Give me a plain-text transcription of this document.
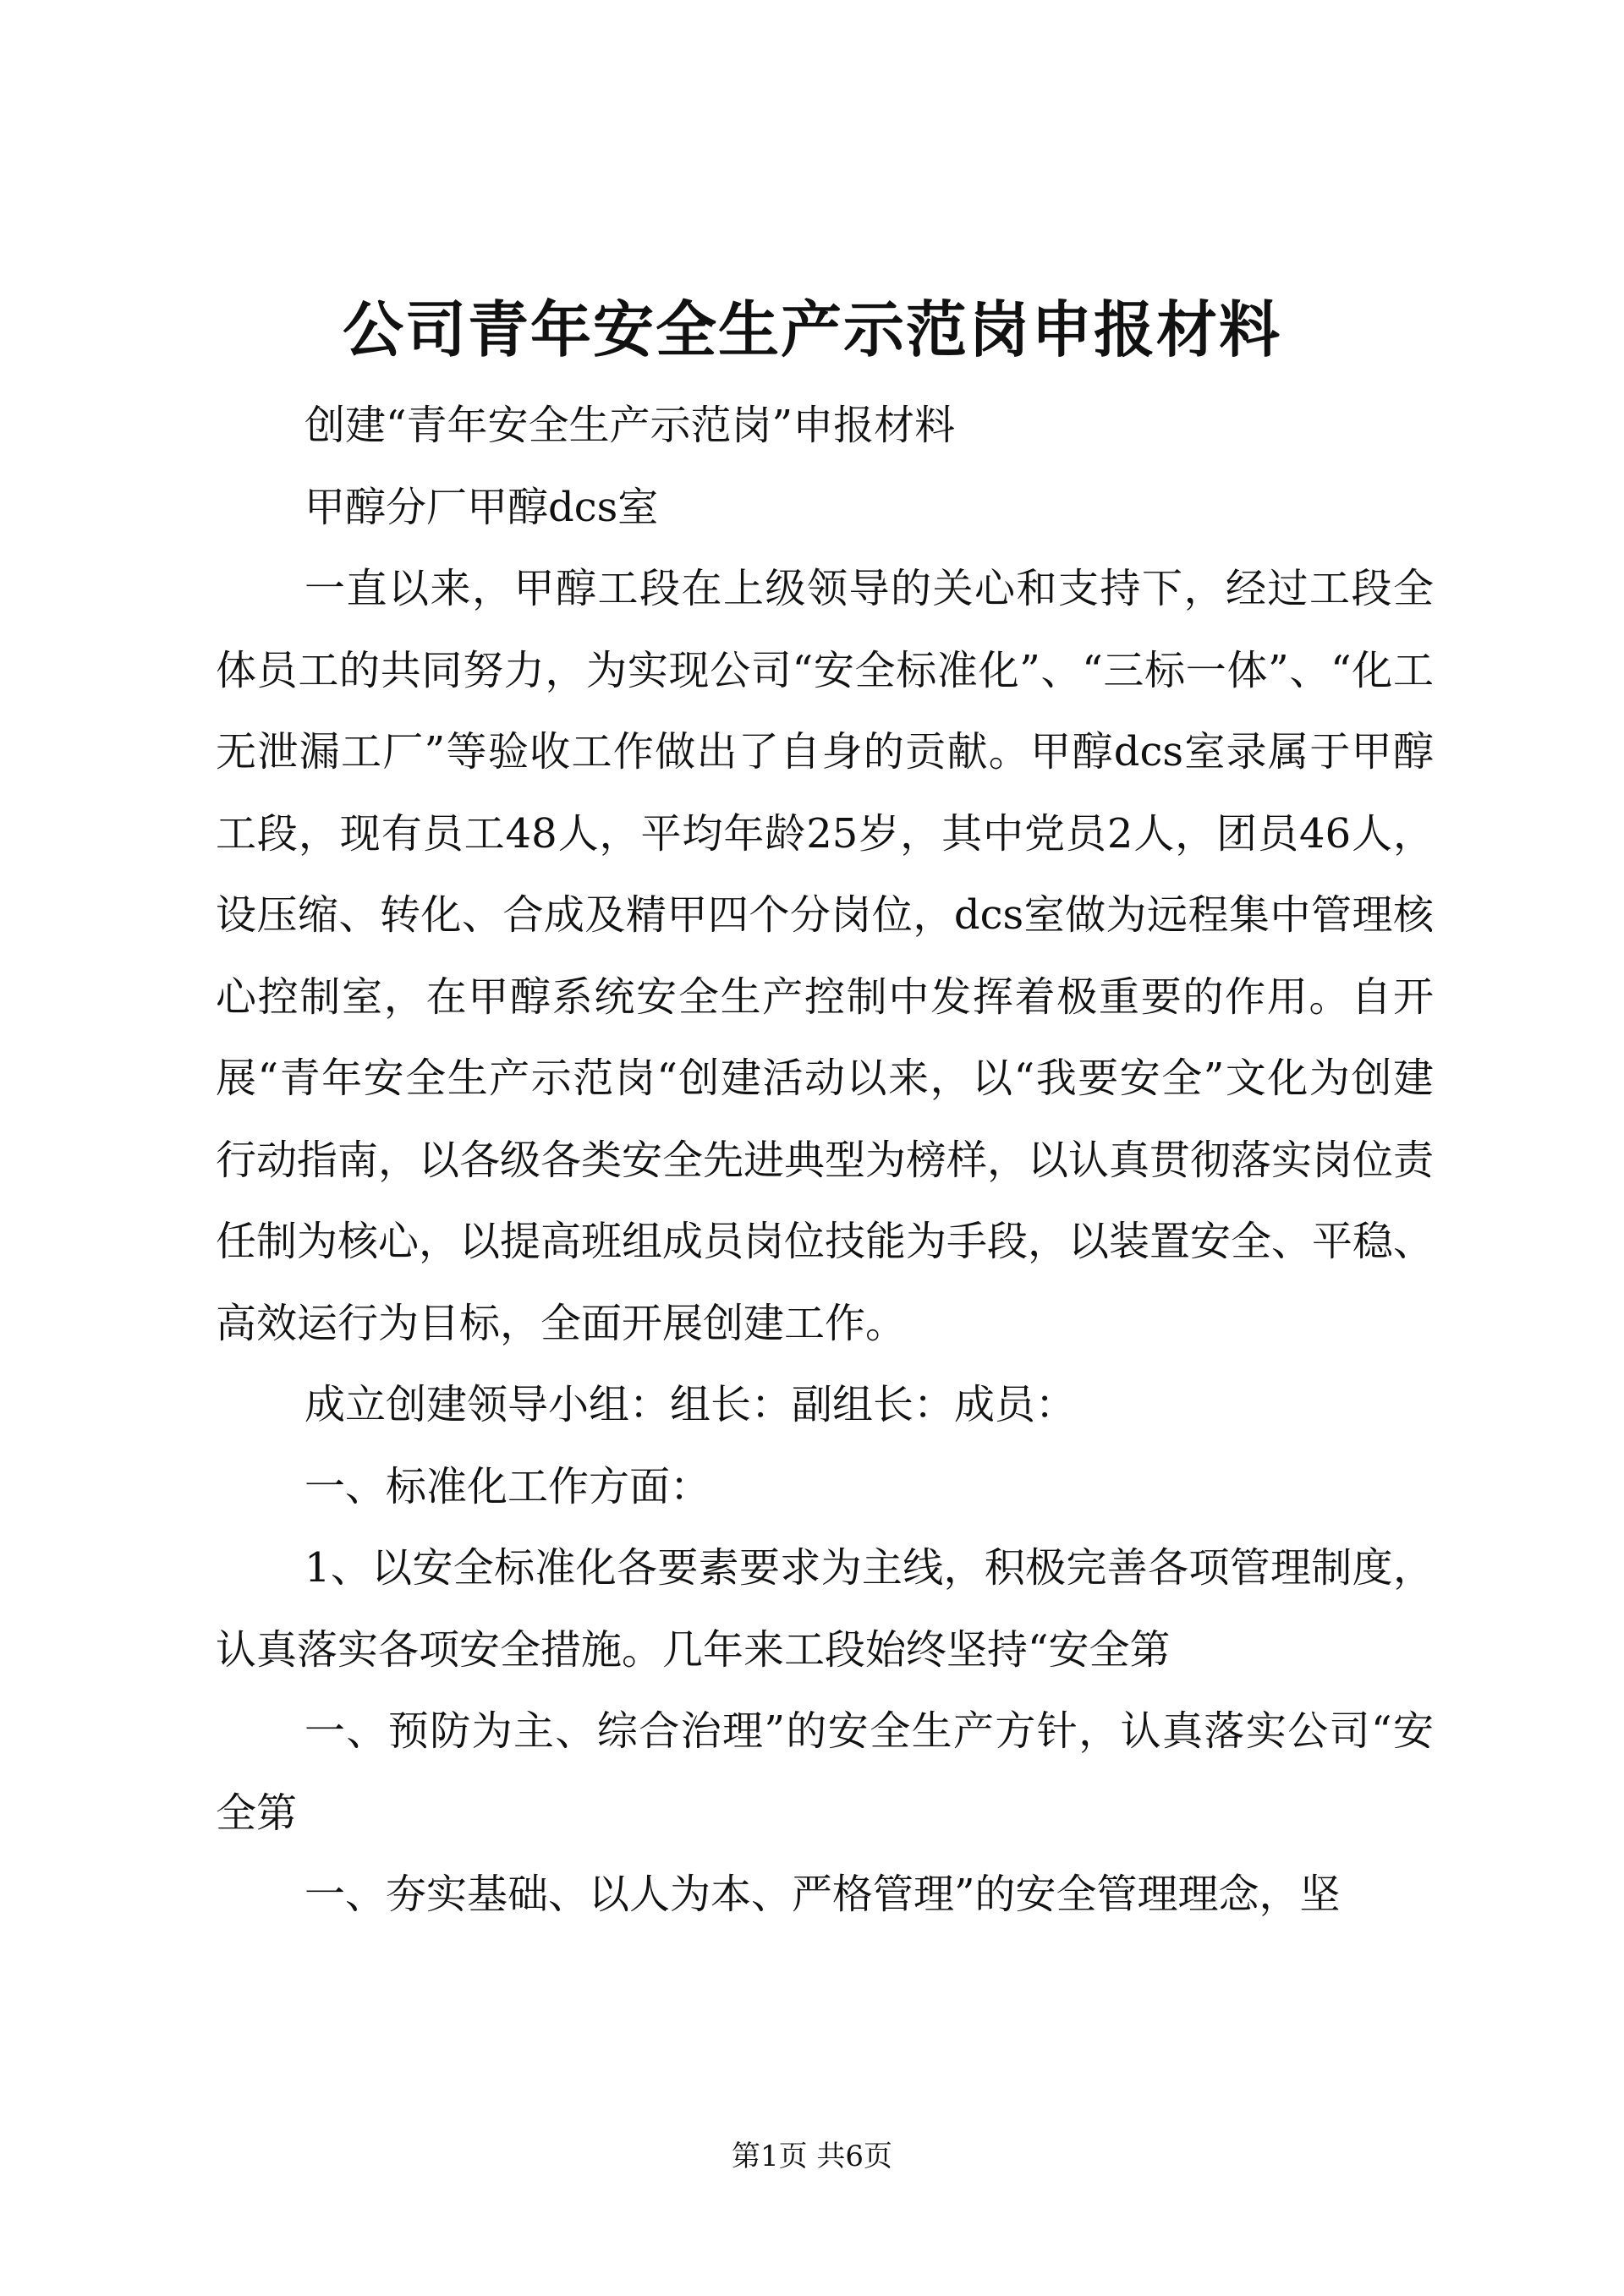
公司青年安全生产示范岗申报材料

创建“青年安全生产示范岗”申报材料

甲醇分厂甲醇dcs室

一直以来，甲醇工段在上级领导的关心和支持下，经过工段全体员工的共同努力，为实现公司“安全标准化”、“三标一体”、“化工无泄漏工厂”等验收工作做出了自身的贡献。甲醇dcs室录属于甲醇工段，现有员工48人，平均年龄25岁，其中党员2人，团员46人，设压缩、转化、合成及精甲四个分岗位，dcs室做为远程集中管理核心控制室，在甲醇系统安全生产控制中发挥着极重要的作用。自开展“青年安全生产示范岗“创建活动以来，以“我要安全”文化为创建行动指南，以各级各类安全先进典型为榜样，以认真贯彻落实岗位责任制为核心，以提高班组成员岗位技能为手段，以装置安全、平稳、高效运行为目标，全面开展创建工作。

成立创建领导小组：组长：副组长：成员：

一、标准化工作方面：

1、以安全标准化各要素要求为主线，积极完善各项管理制度，认真落实各项安全措施。几年来工段始终坚持“安全第

一、预防为主、综合治理”的安全生产方针，认真落实公司“安全第

一、夯实基础、以人为本、严格管理”的安全管理理念，坚

第1页 共6页
